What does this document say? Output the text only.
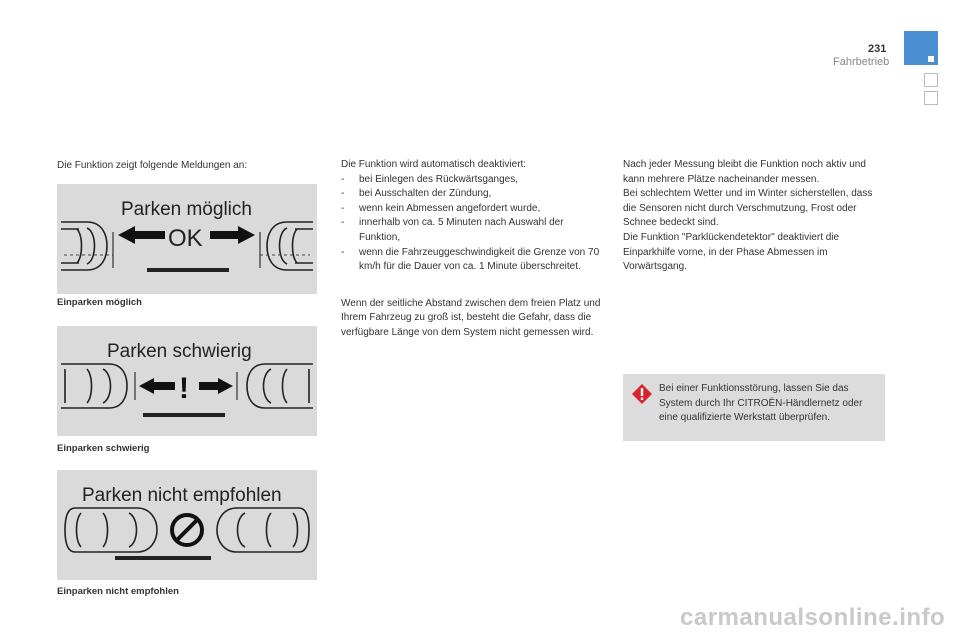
231
Fahrbetrieb
Die Funktion zeigt folgende Meldungen an:
Parken möglich
OK
Einparken möglich
Parken schwierig
!
Einparken schwierig
Parken nicht empfohlen
Einparken nicht empfohlen
Die Funktion wird automatisch deaktiviert:
- bei Einlegen des Rückwärtsganges,
- bei Ausschalten der Zündung,
- wenn kein Abmessen angefordert wurde,
- innerhalb von ca. 5 Minuten nach Auswahl der Funktion,
- wenn die Fahrzeuggeschwindigkeit die Grenze von 70 km/h für die Dauer von ca. 1 Minute überschreitet.
Wenn der seitliche Abstand zwischen dem freien Platz und Ihrem Fahrzeug zu groß ist, besteht die Gefahr, dass die verfügbare Länge von dem System nicht gemessen wird.
Nach jeder Messung bleibt die Funktion noch aktiv und kann mehrere Plätze nacheinander messen.
Bei schlechtem Wetter und im Winter sicherstellen, dass die Sensoren nicht durch Verschmutzung, Frost oder Schnee bedeckt sind.
Die Funktion "Parklückendetektor" deaktiviert die Einparkhilfe vorne, in der Phase Abmessen im Vorwärtsgang.
Bei einer Funktionsstörung, lassen Sie das System durch Ihr CITROËN-Händlernetz oder eine qualifizierte Werkstatt überprüfen.
carmanualsonline.info
